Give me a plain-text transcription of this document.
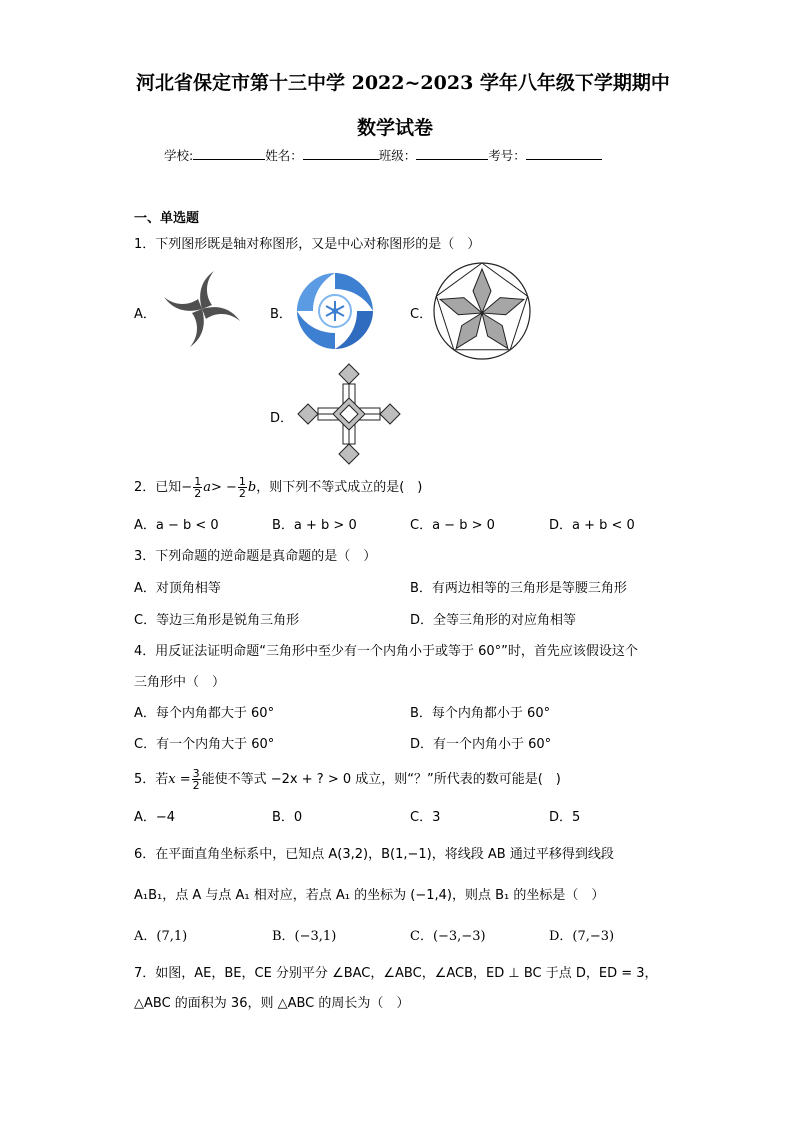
河北省保定市第十三中学 2022~2023 学年八年级下学期期中
数学试卷
学校:	姓名：	班级：	考号：
一、单选题
1．下列图形既是轴对称图形，又是中心对称图形的是（　）
A．	B．	C．
D．
2．已知− $\frac{1}{2} a> - \frac{1}{2}$ b，则下列不等式成立的是(　)
A．a − b < 0	B．a + b > 0	C．a − b > 0	D．a + b < 0
3．下列命题的逆命题是真命题的是（　）
A．对顶角相等	B．有两边相等的三角形是等腰三角形
C．等边三角形是锐角三角形	D．全等三角形的对应角相等
4．用反证法证明命题“三角形中至少有一个内角小于或等于 60°”时，首先应该假设这个
三角形中（　）
A．每个内角都大于 60°	B．每个内角都小于 60°
C．有一个内角大于 60°	D．有一个内角小于 60°
5．若$x = \frac{3}{2}$ 能使不等式 −2x + ? > 0 成立，则“？”所代表的数可能是(　)
A．−4	B．0	C．3	D．5
6．在平面直角坐标系中，已知点 A(3,2)，B(1,−1)，将线段 AB 通过平移得到线段
A₁B₁，点 A 与点 A₁ 相对应，若点 A₁ 的坐标为 (−1,4)，则点 B₁ 的坐标是（　）
A．(7,1)	B．(−3,1)	C．(−3,−3)	D．(7,−3)
7．如图，AE，BE，CE 分别平分 ∠BAC，∠ABC，∠ACB，ED ⊥ BC 于点 D，ED = 3，
△ABC 的面积为 36，则 △ABC 的周长为（　）
